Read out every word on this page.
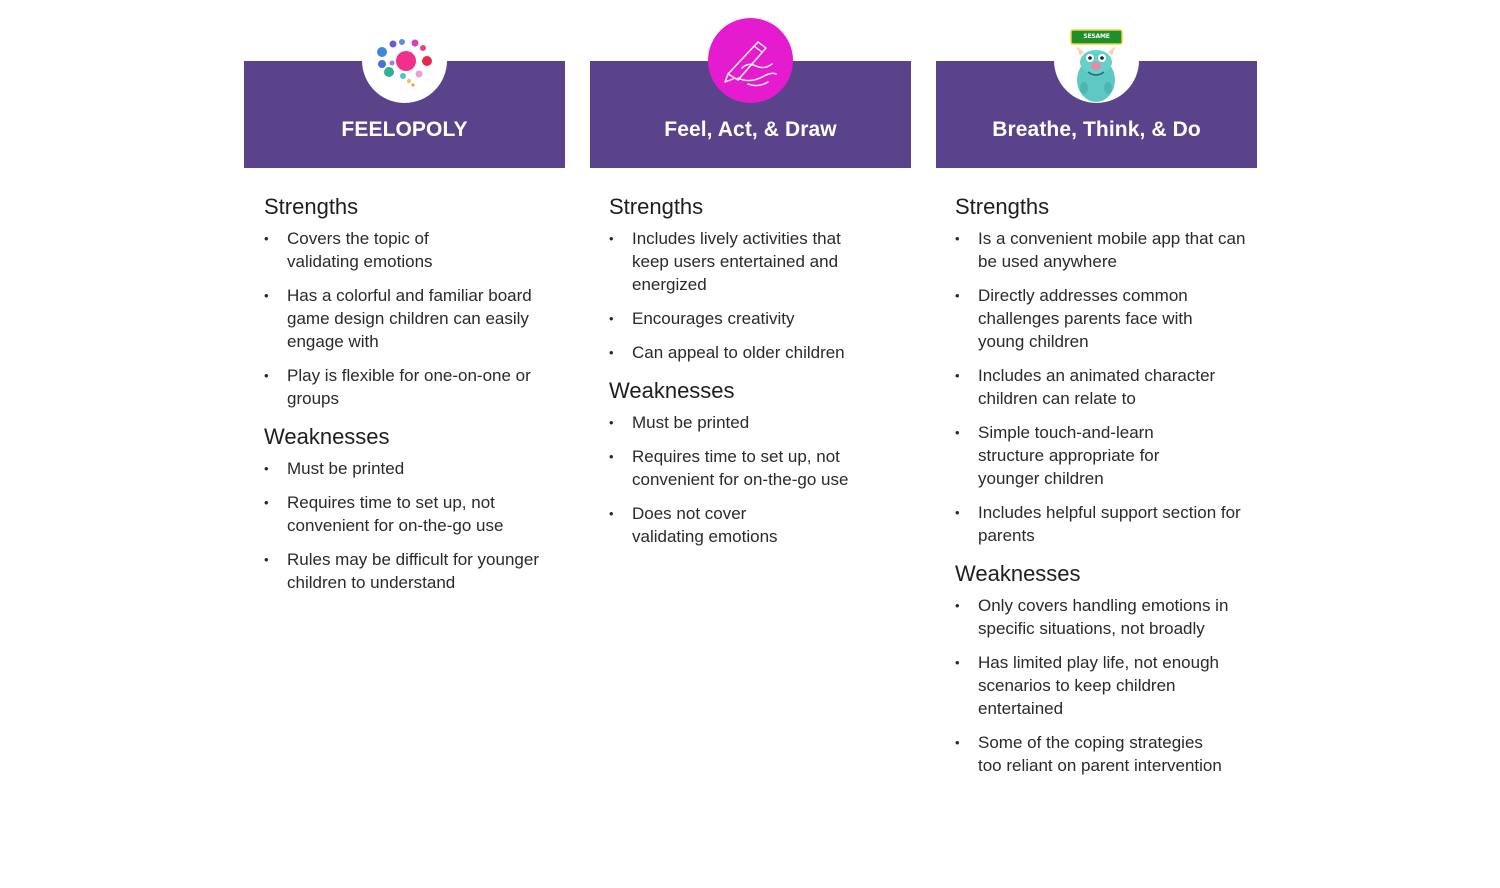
FEELOPOLY
Strengths
• Covers the topic of validating emotions
• Has a colorful and familiar board game design children can easily engage with
• Play is flexible for one-on-one or groups
Weaknesses
• Must be printed
• Requires time to set up, not convenient for on-the-go use
• Rules may be difficult for younger children to understand
Feel, Act, & Draw
Strengths
• Includes lively activities that keep users entertained and energized
• Encourages creativity
• Can appeal to older children
Weaknesses
• Must be printed
• Requires time to set up, not convenient for on-the-go use
• Does not cover validating emotions
SESAME STREET
Breathe, Think, & Do
Strengths
• Is a convenient mobile app that can be used anywhere
• Directly addresses common challenges parents face with young children
• Includes an animated character children can relate to
• Simple touch-and-learn structure appropriate for younger children
• Includes helpful support section for parents
Weaknesses
• Only covers handling emotions in specific situations, not broadly
• Has limited play life, not enough scenarios to keep children entertained
• Some of the coping strategies too reliant on parent intervention
